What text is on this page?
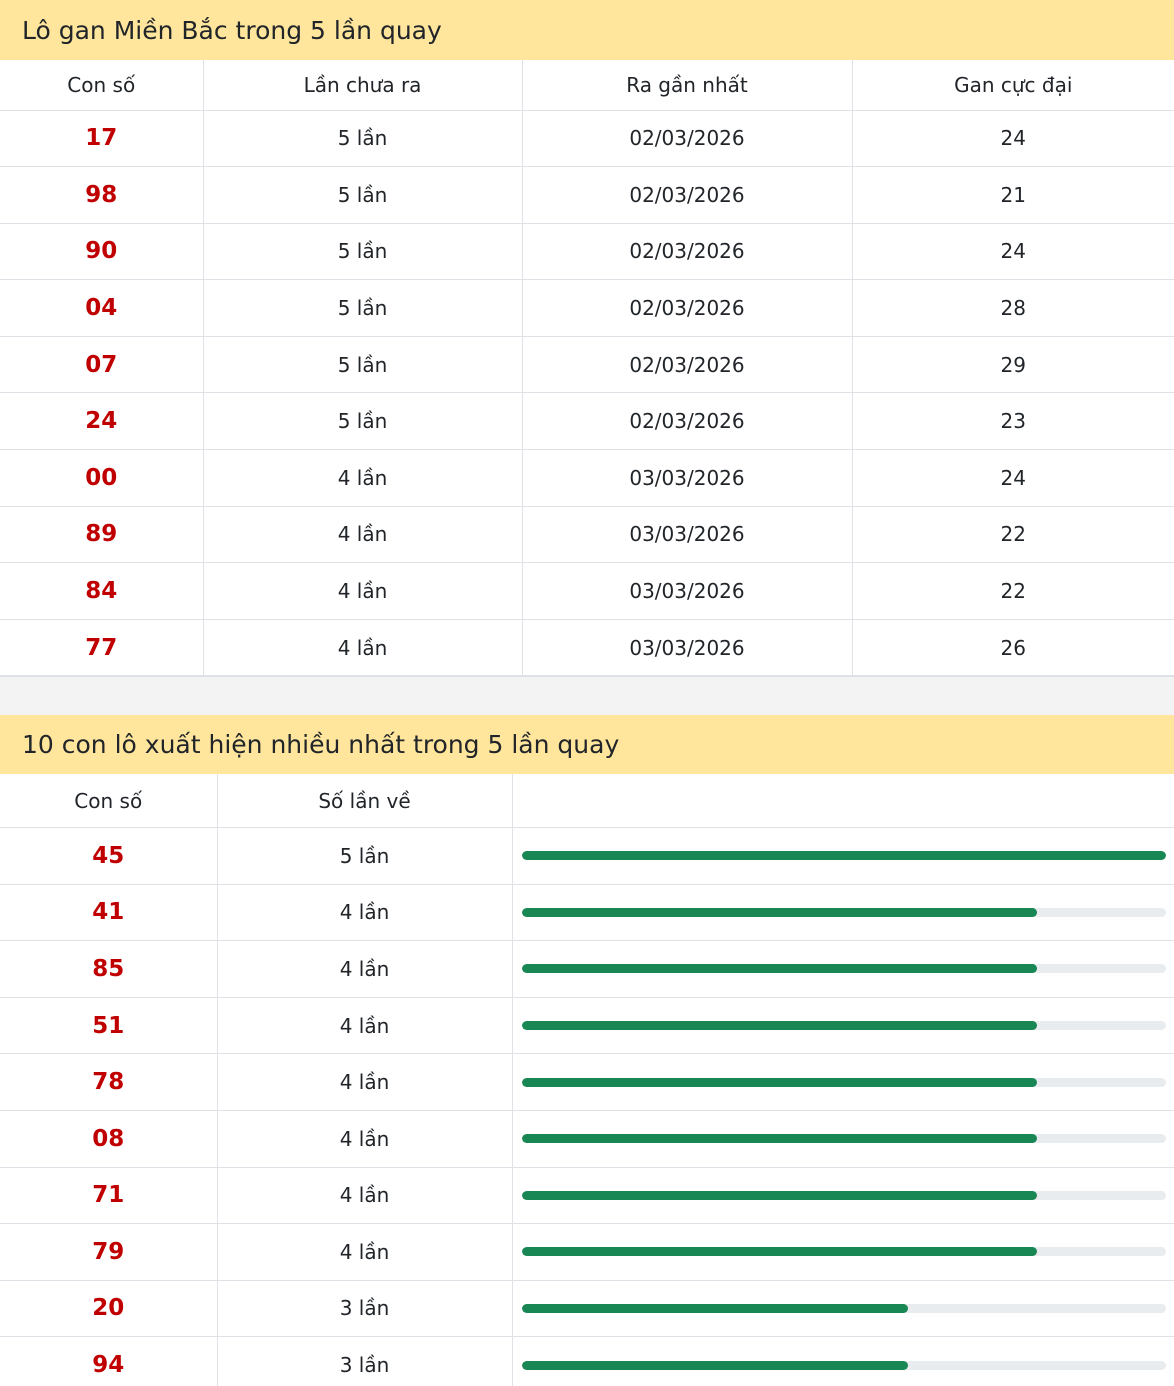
Lô gan Miền Bắc trong 5 lần quay
Con số	Lần chưa ra	Ra gần nhất	Gan cực đại
17	5 lần	02/03/2026	24
98	5 lần	02/03/2026	21
90	5 lần	02/03/2026	24
04	5 lần	02/03/2026	28
07	5 lần	02/03/2026	29
24	5 lần	02/03/2026	23
00	4 lần	03/03/2026	24
89	4 lần	03/03/2026	22
84	4 lần	03/03/2026	22
77	4 lần	03/03/2026	26
10 con lô xuất hiện nhiều nhất trong 5 lần quay
Con số	Số lần về	
45	5 lần	

41	4 lần	

85	4 lần	

51	4 lần	

78	4 lần	

08	4 lần	

71	4 lần	

79	4 lần	

20	3 lần	

94	3 lần	
